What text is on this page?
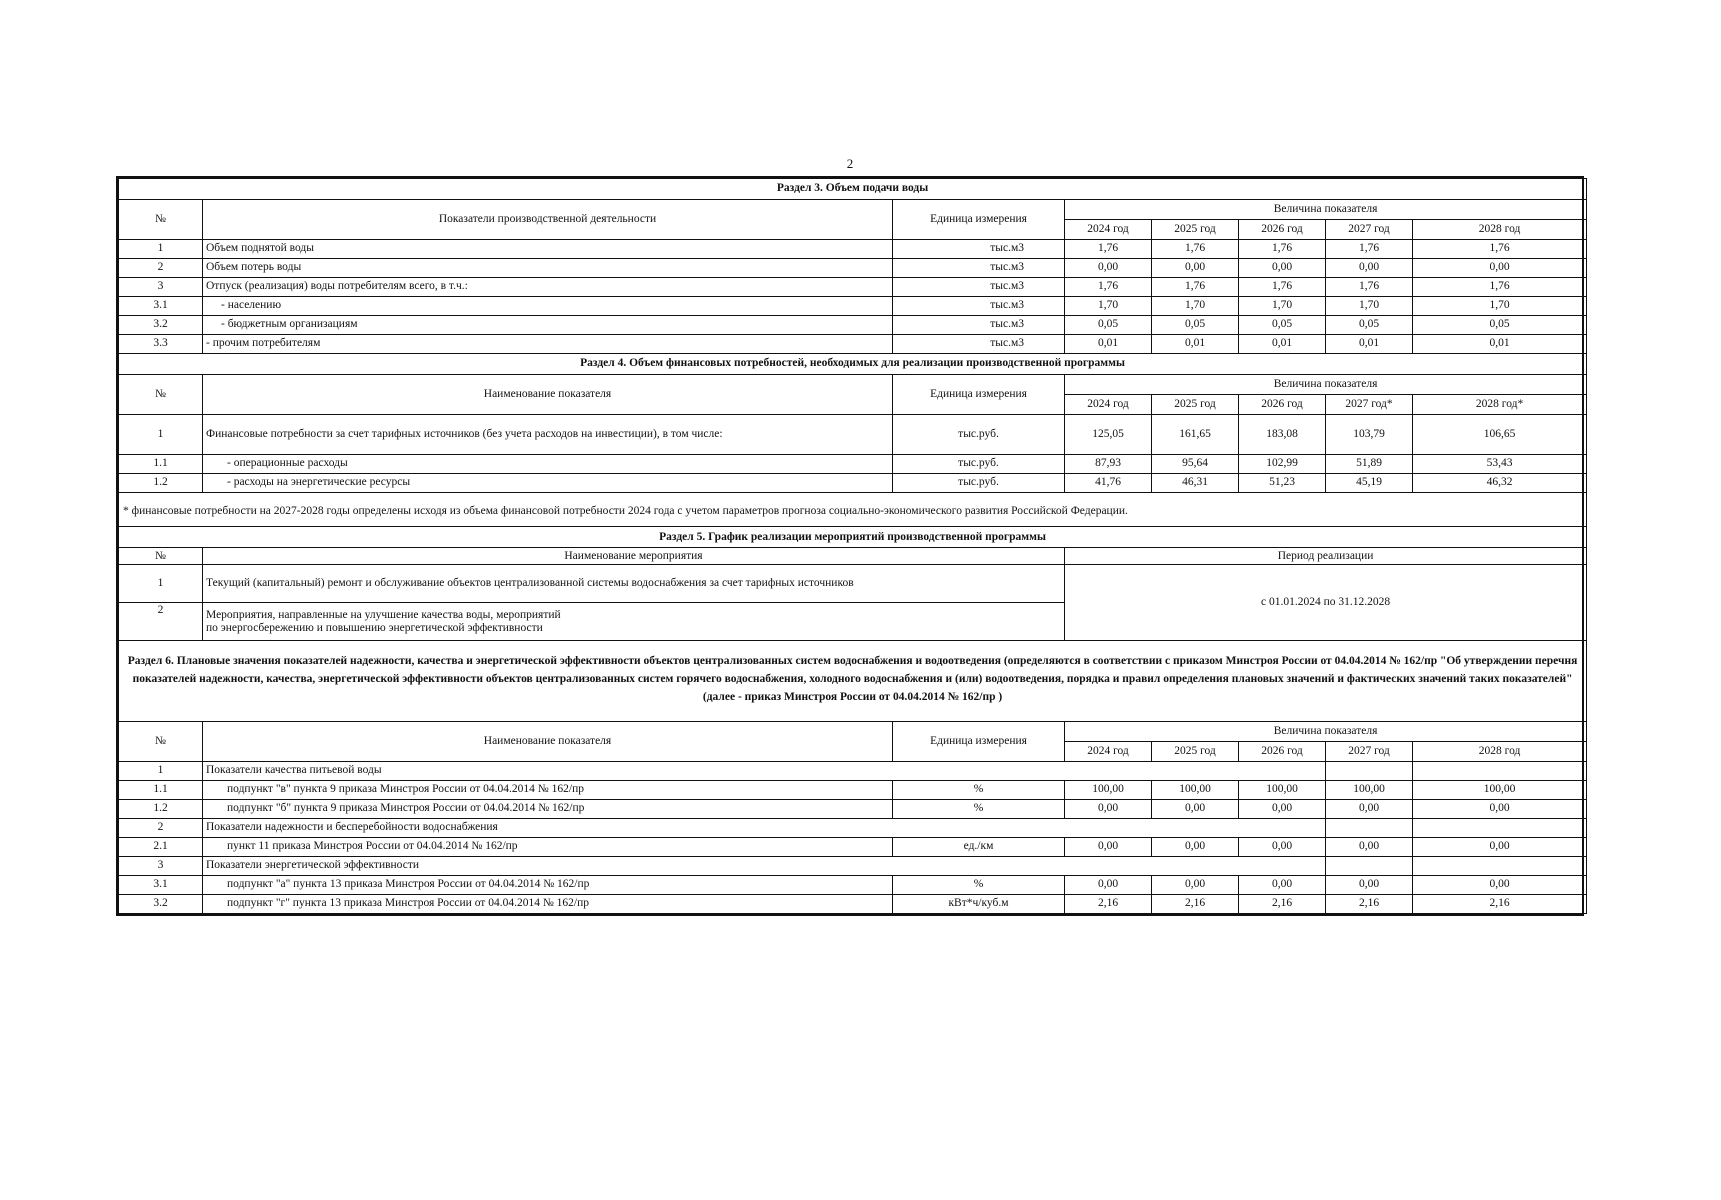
2
Раздел 3. Объем подачи воды							
№	Показатели производственной деятельности	Единица измерения	Величина показателя				
			2024 год	2025 год	2026 год	2027 год	2028 год
1	Объем поднятой воды	тыс.м3	1,76	1,76	1,76	1,76	1,76
2	Объем потерь воды	тыс.м3	0,00	0,00	0,00	0,00	0,00
3	Отпуск (реализация) воды потребителям всего, в т.ч.:	тыс.м3	1,76	1,76	1,76	1,76	1,76
3.1	- населению	тыс.м3	1,70	1,70	1,70	1,70	1,70
3.2	- бюджетным организациям	тыс.м3	0,05	0,05	0,05	0,05	0,05
3.3	- прочим потребителям	тыс.м3	0,01	0,01	0,01	0,01	0,01
Раздел 4. Объем финансовых потребностей, необходимых для реализации производственной программы							
№	Наименование показателя	Единица измерения	Величина показателя				
			2024 год	2025 год	2026 год	2027 год*	2028 год*
1	Финансовые потребности за счет тарифных источников (без учета расходов на инвестиции), в том числе:	тыс.руб.	125,05	161,65	183,08	103,79	106,65
1.1	- операционные расходы	тыс.руб.	87,93	95,64	102,99	51,89	53,43
1.2	- расходы на энергетические ресурсы	тыс.руб.	41,76	46,31	51,23	45,19	46,32
* финансовые потребности на 2027-2028 годы определены исходя из объема финансовой потребности 2024 года с учетом параметров прогноза социально-экономического развития Российской Федерации.							
Раздел 5. График реализации мероприятий производственной программы							
№	Наименование мероприятия		Период реализации				
1	Текущий (капитальный) ремонт и обслуживание объектов централизованной системы водоснабжения за счет тарифных источников		с 01.01.2024 по 31.12.2028				
2	Мероприятия, направленные на улучшение качества воды, мероприятий
по энергосбережению и повышению энергетической эффективности						

Раздел 6. Плановые значения показателей надежности, качества и энергетической эффективности объектов централизованных систем водоснабжения и водоотведения (определяются в соответствии с приказом Минстроя России от 04.04.2014 № 162/пр "Об утверждении перечня показателей надежности, качества, энергетической эффективности объектов централизованных систем горячего водоснабжения, холодного водоснабжения и (или) водоотведения, порядка и правил определения плановых значений и фактических значений таких показателей" (далее - приказ Минстроя России от 04.04.2014 № 162/пр )							
№	Наименование показателя	Единица измерения	Величина показателя				
			2024 год	2025 год	2026 год	2027 год	2028 год
1	Показатели качества питьевой воды						
1.1	подпункт "в" пункта 9 приказа Минстроя России от 04.04.2014 № 162/пр	%	100,00	100,00	100,00	100,00	100,00
1.2	подпункт "б" пункта 9 приказа Минстроя России от 04.04.2014 № 162/пр	%	0,00	0,00	0,00	0,00	0,00
2	Показатели надежности и бесперебойности водоснабжения						
2.1	пункт 11 приказа Минстроя России от 04.04.2014 № 162/пр	ед./км	0,00	0,00	0,00	0,00	0,00
3	Показатели энергетической эффективности						
3.1	подпункт "а" пункта 13 приказа Минстроя России от 04.04.2014 № 162/пр	%	0,00	0,00	0,00	0,00	0,00
3.2	подпункт "г" пункта 13 приказа Минстроя России от 04.04.2014 № 162/пр	кВт*ч/куб.м	2,16	2,16	2,16	2,16	2,16
